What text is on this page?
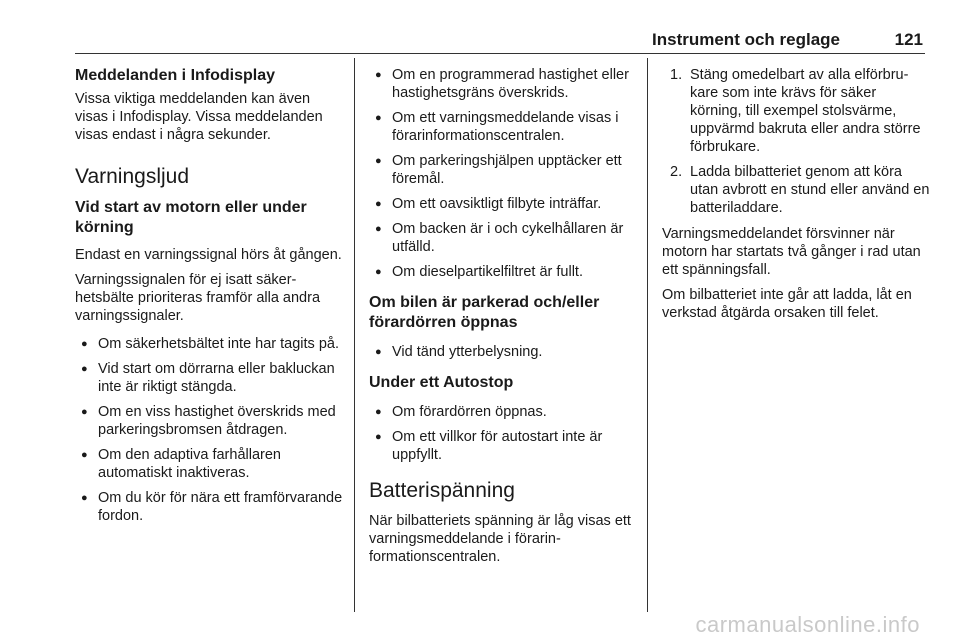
Instrument och reglage	121
Meddelanden i Infodisplay

Vissa viktiga meddelanden kan även visas i Infodisplay. Vissa meddelanden visas endast i några sekunder.

Varningsljud
Vid start av motorn eller under körning

Endast en varningssignal hörs åt gången.

Varningssignalen för ej isatt säkerhetsbälte prioriteras framför alla andra varningssignaler.

● Om säkerhetsbältet inte har tagits på.
● Vid start om dörrarna eller bakluckan inte är riktigt stängda.
● Om en viss hastighet överskrids med parkeringsbromsen åtdragen.
● Om den adaptiva farhållaren automatiskt inaktiveras.
● Om du kör för nära ett framförvarande fordon.
● Om en programmerad hastighet eller hastighetsgräns överskrids.
● Om ett varningsmeddelande visas i förarinformationscentralen.
● Om parkeringshjälpen upptäcker ett föremål.
● Om ett oavsiktligt filbyte inträffar.
● Om backen är i och cykelhållaren är utfälld.
● Om dieselpartikelfiltret är fullt.
Om bilen är parkerad och/eller förardörren öppnas
● Vid tänd ytterbelysning.
Under ett Autostop
● Om förardörren öppnas.
● Om ett villkor för autostart inte är uppfyllt.
Batterispänning

När bilbatteriets spänning är låg visas ett varningsmeddelande i förarinformationscentralen.

1. Stäng omedelbart av alla elförbrukare som inte krävs för säker körning, till exempel stolsvärme, uppvärmd bakruta eller andra större förbrukare.
2. Ladda bilbatteriet genom att köra utan avbrott en stund eller använd en batteriladdare.

Varningsmeddelandet försvinner när motorn har startats två gånger i rad utan ett spänningsfall.

Om bilbatteriet inte går att ladda, låt en verkstad åtgärda orsaken till felet.

carmanualsonline.info
